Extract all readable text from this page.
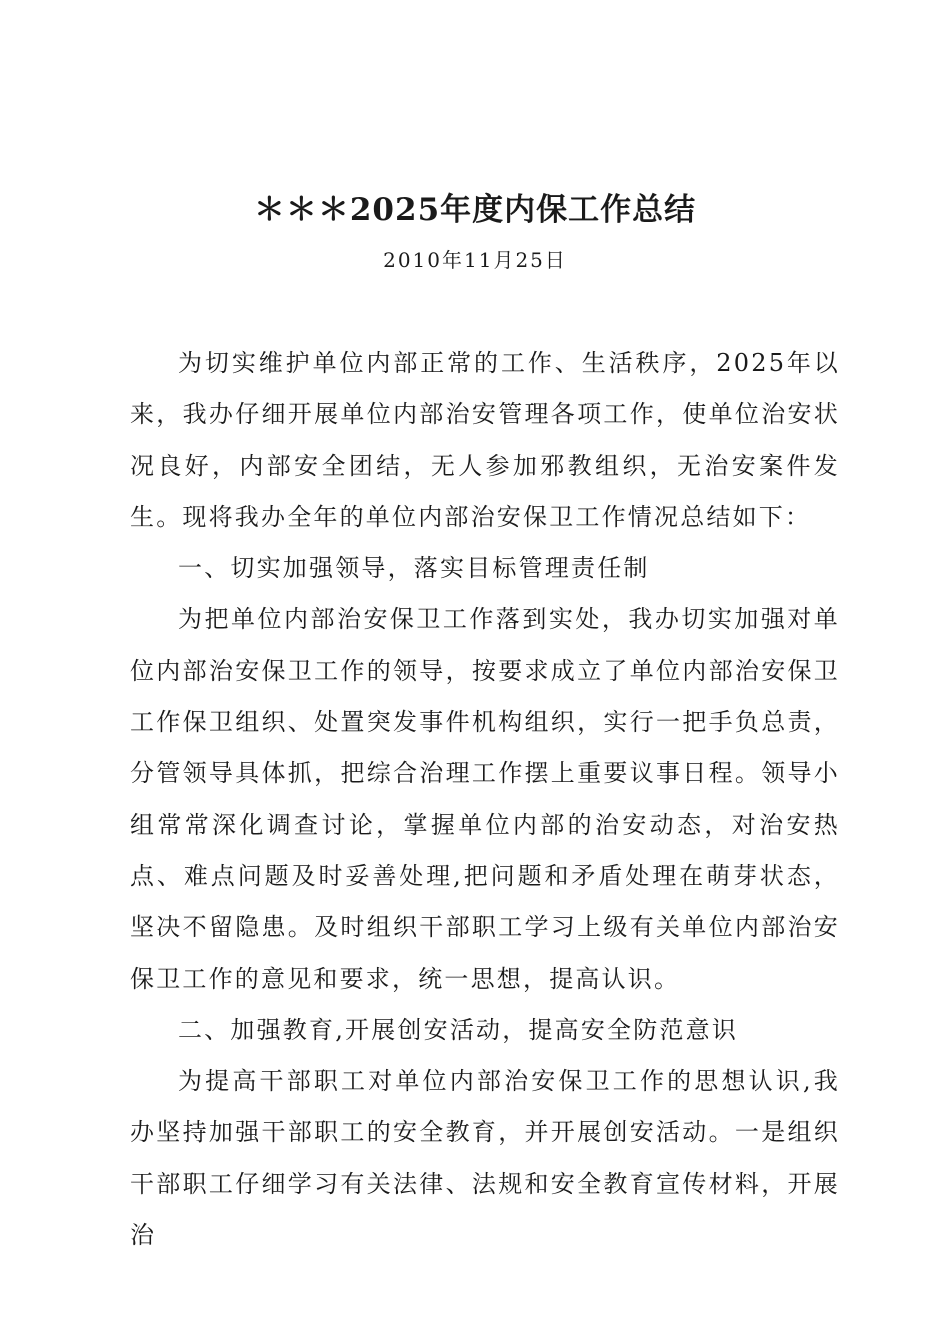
＊＊＊2025年度内保工作总结
2010年11月25日

为切实维护单位内部正常的工作、生活秩序，2025年以来，我办仔细开展单位内部治安管理各项工作，使单位治安状况良好，内部安全团结，无人参加邪教组织，无治安案件发生。现将我办全年的单位内部治安保卫工作情况总结如下：

一、切实加强领导，落实目标管理责任制

为把单位内部治安保卫工作落到实处，我办切实加强对单位内部治安保卫工作的领导，按要求成立了单位内部治安保卫工作保卫组织、处置突发事件机构组织，实行一把手负总责，分管领导具体抓，把综合治理工作摆上重要议事日程。领导小组常常深化调查讨论，掌握单位内部的治安动态，对治安热点、难点问题及时妥善处理,把问题和矛盾处理在萌芽状态，坚决不留隐患。及时组织干部职工学习上级有关单位内部治安保卫工作的意见和要求，统一思想，提高认识。

二、加强教育,开展创安活动，提高安全防范意识

为提高干部职工对单位内部治安保卫工作的思想认识,我办坚持加强干部职工的安全教育，并开展创安活动。一是组织干部职工仔细学习有关法律、法规和安全教育宣传材料，开展治
